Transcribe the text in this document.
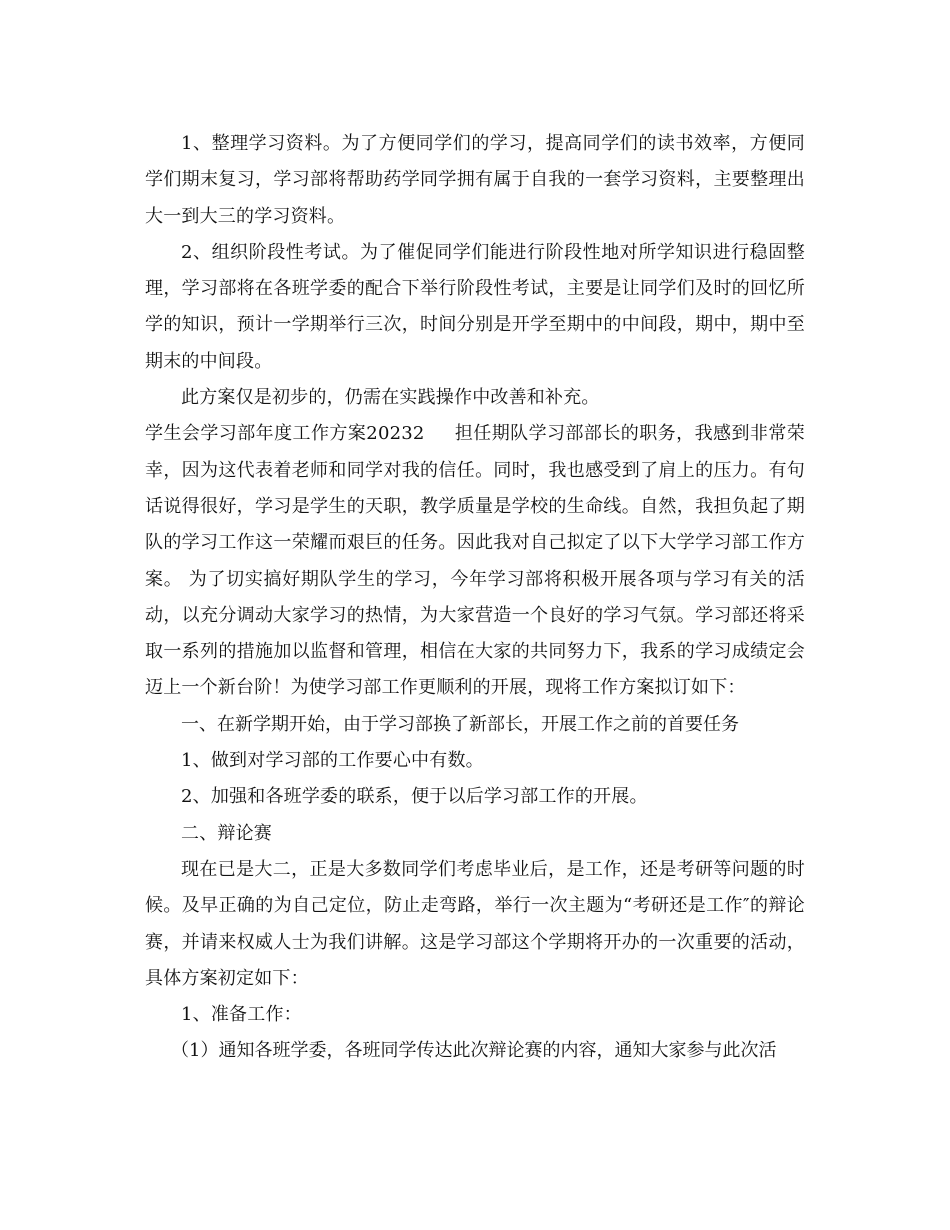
1、整理学习资料。为了方便同学们的学习，提高同学们的读书效率，方便同学们期末复习，学习部将帮助药学同学拥有属于自我的一套学习资料，主要整理出大一到大三的学习资料。

2、组织阶段性考试。为了催促同学们能进行阶段性地对所学知识进行稳固整理，学习部将在各班学委的配合下举行阶段性考试，主要是让同学们及时的回忆所学的知识，预计一学期举行三次，时间分别是开学至期中的中间段，期中，期中至期末的中间段。

此方案仅是初步的，仍需在实践操作中改善和补充。

学生会学习部年度工作方案20232 担任期队学习部部长的职务，我感到非常荣幸，因为这代表着老师和同学对我的信任。同时，我也感受到了肩上的压力。有句话说得很好，学习是学生的天职，教学质量是学校的生命线。自然，我担负起了期队的学习工作这一荣耀而艰巨的任务。因此我对自己拟定了以下大学学习部工作方案。 为了切实搞好期队学生的学习，今年学习部将积极开展各项与学习有关的活动，以充分调动大家学习的热情，为大家营造一个良好的学习气氛。学习部还将采取一系列的措施加以监督和管理，相信在大家的共同努力下，我系的学习成绩定会迈上一个新台阶！为使学习部工作更顺利的开展，现将工作方案拟订如下：

一、在新学期开始，由于学习部换了新部长，开展工作之前的首要任务

1、做到对学习部的工作要心中有数。

2、加强和各班学委的联系，便于以后学习部工作的开展。

二、辩论赛

现在已是大二，正是大多数同学们考虑毕业后，是工作，还是考研等问题的时候。及早正确的为自己定位，防止走弯路，举行一次主题为“考研还是工作″的辩论赛，并请来权威人士为我们讲解。这是学习部这个学期将开办的一次重要的活动，具体方案初定如下：

1、准备工作：

（1）通知各班学委，各班同学传达此次辩论赛的内容，通知大家参与此次活
